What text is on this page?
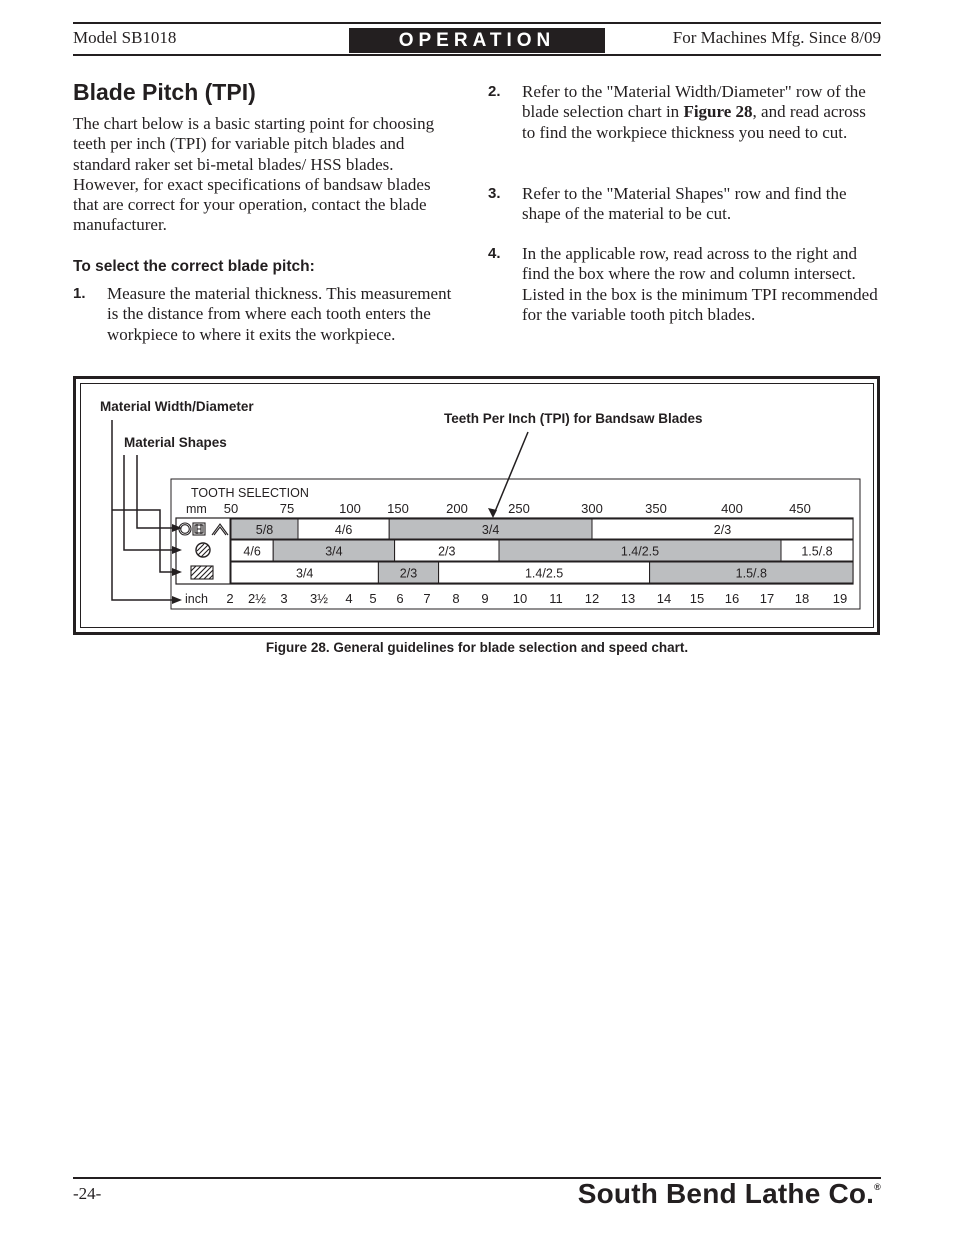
Model SB1018	OPERATION	For Machines Mfg. Since 8/09
Blade Pitch (TPI)
The chart below is a basic starting point for choosing teeth per inch (TPI) for variable pitch blades and standard raker set bi-metal blades/ HSS blades. However, for exact specifications of bandsaw blades that are correct for your operation, contact the blade manufacturer.
To select the correct blade pitch:
1. Measure the material thickness. This measurement is the distance from where each tooth enters the workpiece to where it exits the workpiece.
2. Refer to the "Material Width/Diameter" row of the blade selection chart in Figure 28, and read across to find the workpiece thickness you need to cut.
3. Refer to the "Material Shapes" row and find the shape of the material to be cut.
4. In the applicable row, read across to the right and find the box where the row and column intersect. Listed in the box is the minimum TPI recommended for the variable tooth pitch blades.
Material Width/Diameter
Material Shapes
Teeth Per Inch (TPI) for Bandsaw Blades
TOOTH SELECTION
mm
inch
50	75	100 150	200	250	300	350	400	450
2 2½ 3 3½ 4 5 6 7 8 9 10 11 12 13 14 15 16 17 18 19
5/8	4/6	3/4	2/3
4/6	3/4	2/3	1.4/2.5	1.5/.8
3/4	2/3	1.4/2.5	1.5/.8
Figure 28. General guidelines for blade selection and speed chart.
-24-	South Bend Lathe Co.®
